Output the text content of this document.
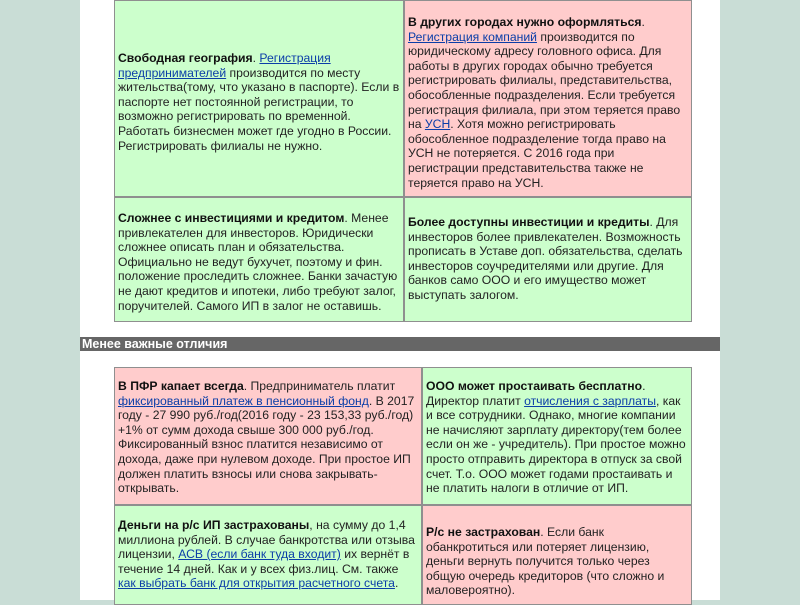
Свободная география. Регистрация предпринимателей производится по месту жительства(тому, что указано в паспорте). Если в паспорте нет постоянной регистрации, то возможно регистрировать по временной. Работать бизнесмен может где угодно в России. Регистрировать филиалы не нужно.
В других городах нужно оформляться. Регистрация компаний производится по юридическому адресу головного офиса. Для работы в других городах обычно требуется регистрировать филиалы, представительства, обособленные подразделения. Если требуется регистрация филиала, при этом теряется право на УСН. Хотя можно регистрировать обособленное подразделение тогда право на УСН не потеряется. С 2016 года при регистрации представительства также не теряется право на УСН.
Сложнее с инвестициями и кредитом. Менее привлекателен для инвесторов. Юридически сложнее описать план и обязательства. Официально не ведут бухучет, поэтому и фин. положение проследить сложнее. Банки зачастую не дают кредитов и ипотеки, либо требуют залог, поручителей. Самого ИП в залог не оставишь.
Более доступны инвестиции и кредиты. Для инвесторов более привлекателен. Возможность прописать в Уставе доп. обязательства, сделать инвесторов соучредителями или другие. Для банков само ООО и его имущество может выступать залогом.
Менее важные отличия
В ПФР капает всегда. Предприниматель платит фиксированный платеж в пенсионный фонд. В 2017 году - 27 990 руб./год(2016 году - 23 153,33 руб./год) +1% от сумм дохода свыше 300 000 руб./год. Фиксированный взнос платится независимо от дохода, даже при нулевом доходе. При простое ИП должен платить взносы или снова закрывать-открывать.
ООО может простаивать бесплатно. Директор платит отчисления с зарплаты, как и все сотрудники. Однако, многие компании не начисляют зарплату директору(тем более если он же - учредитель). При простое можно просто отправить директора в отпуск за свой счет. Т.о. ООО может годами простаивать и не платить налоги в отличие от ИП.
Деньги на р/с ИП застрахованы, на сумму до 1,4 миллиона рублей. В случае банкротства или отзыва лицензии, АСВ (если банк туда входит) их вернёт в течение 14 дней. Как и у всех физ.лиц. См. также как выбрать банк для открытия расчетного счета.
Р/с не застрахован. Если банк обанкротиться или потеряет лицензию, деньги вернуть получится только через общую очередь кредиторов (что сложно и маловероятно).
